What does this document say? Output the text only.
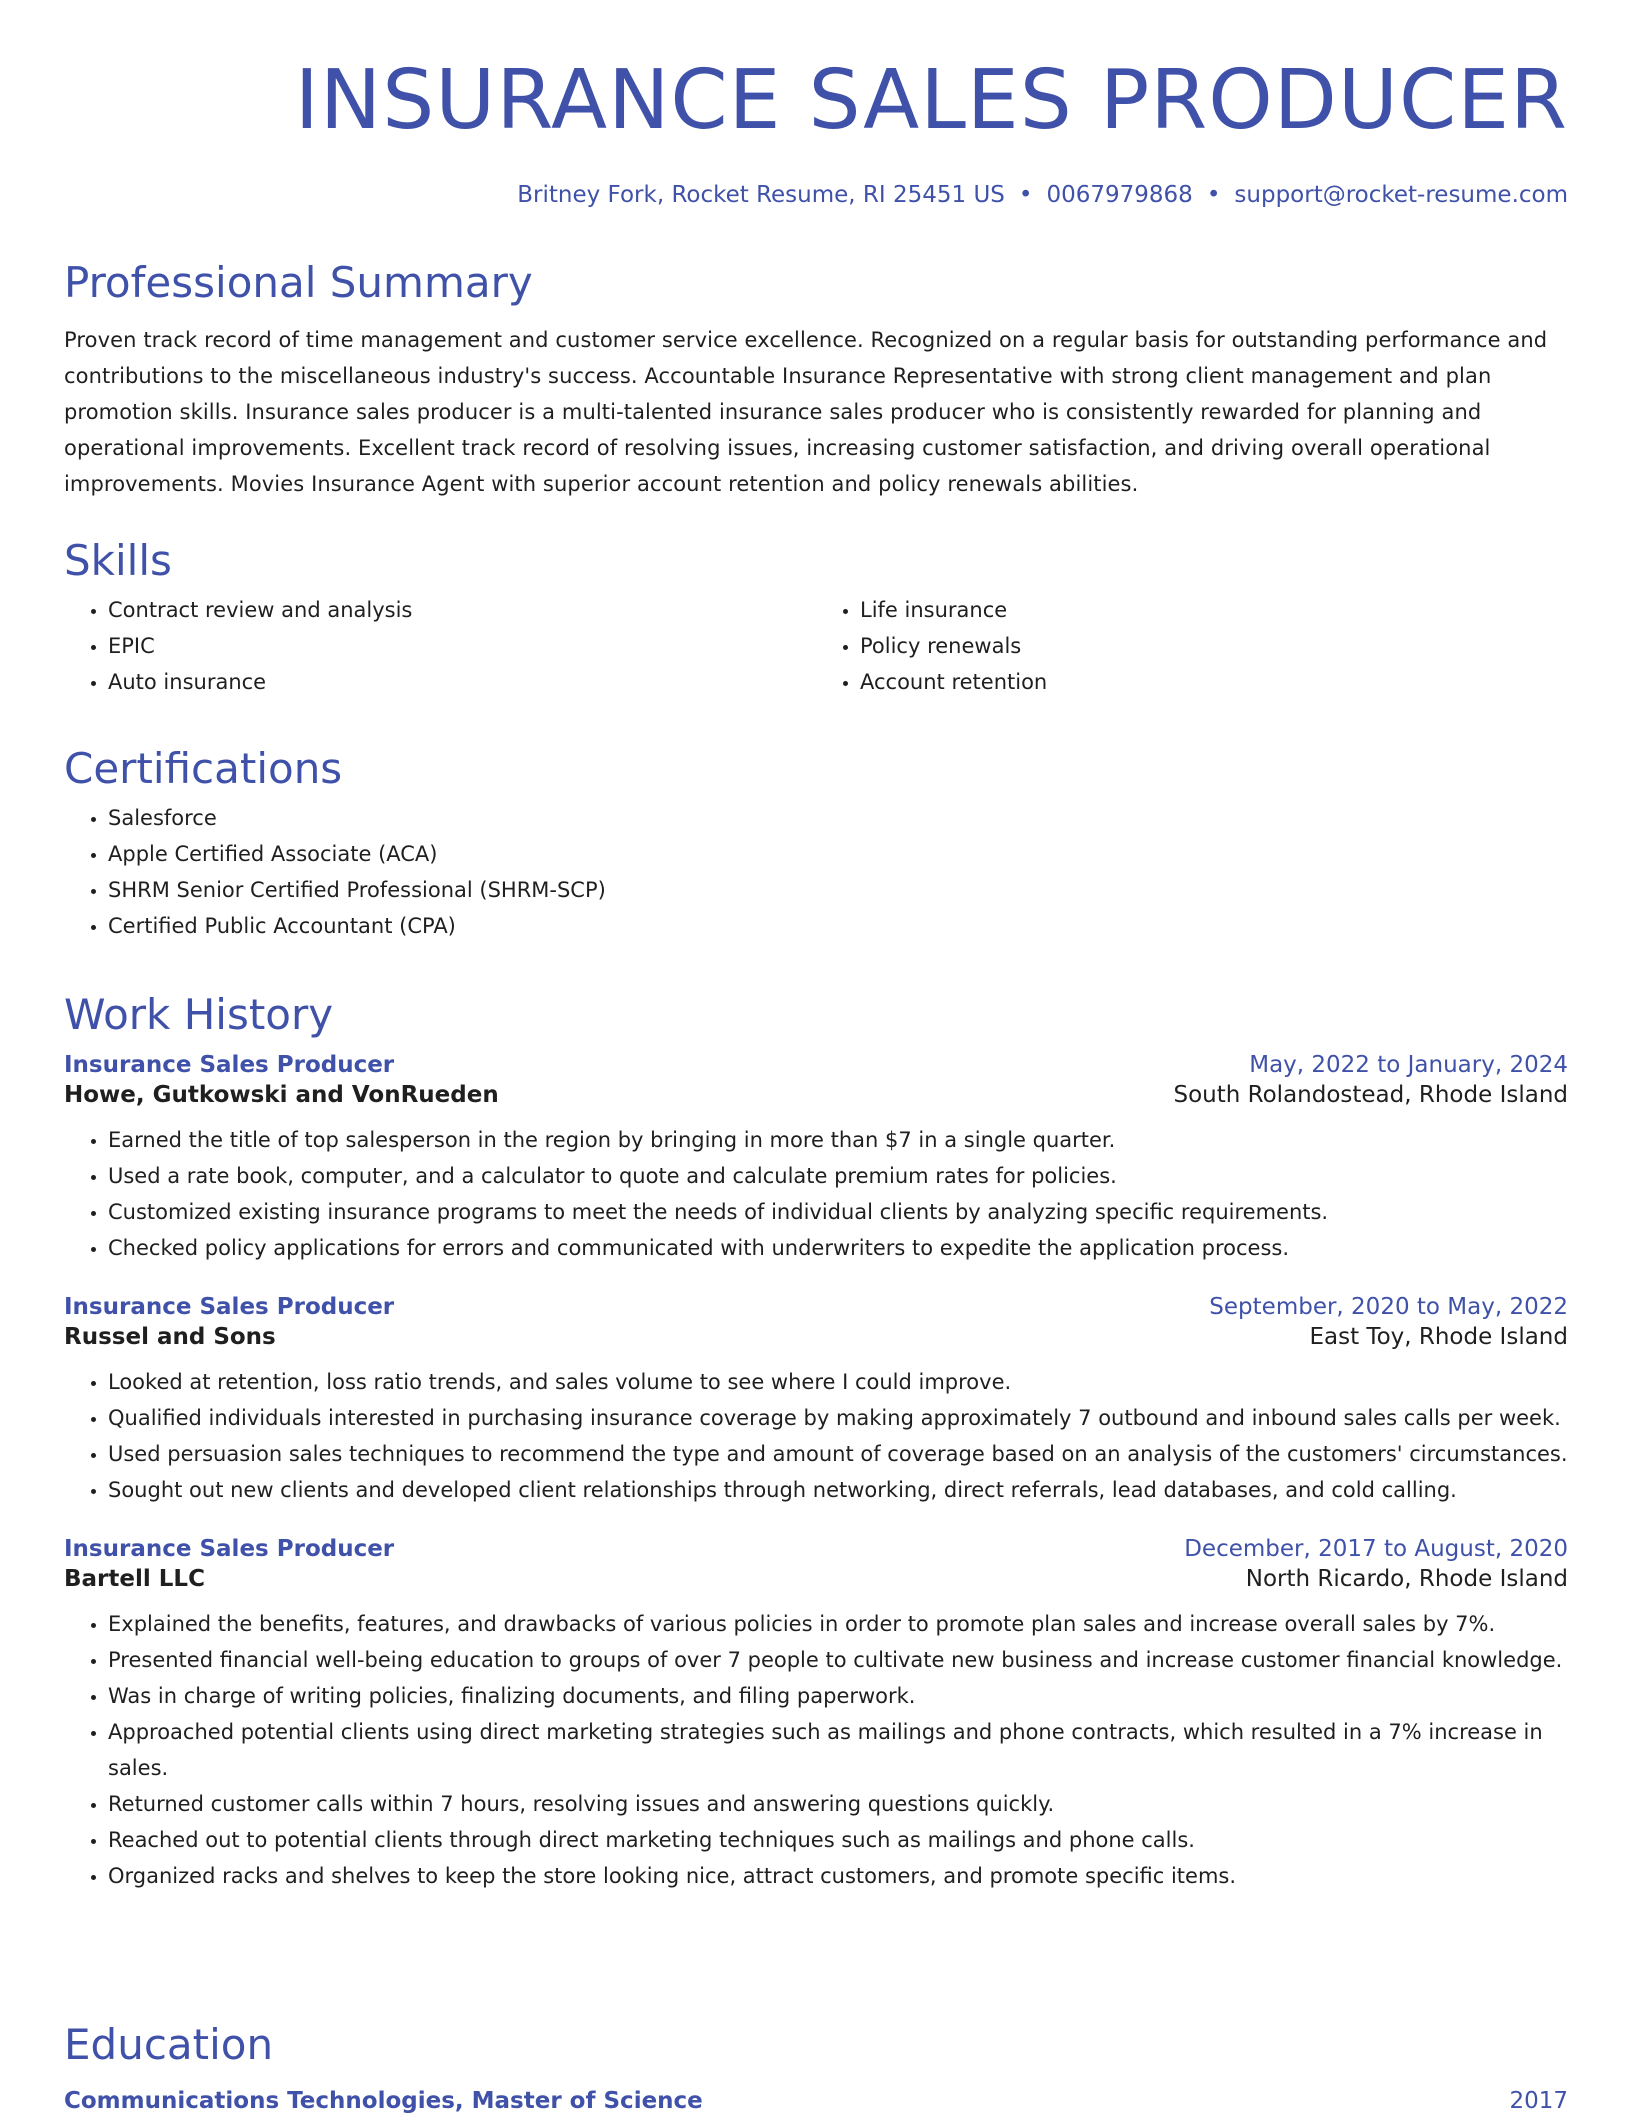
INSURANCE SALES PRODUCER
Britney Fork, Rocket Resume, RI 25451 US • 0067979868 • support@rocket-resume.com
Professional Summary

Proven track record of time management and customer service excellence. Recognized on a regular basis for outstanding performance and contributions to the miscellaneous industry's success. Accountable Insurance Representative with strong client management and plan promotion skills. Insurance sales producer is a multi-talented insurance sales producer who is consistently rewarded for planning and operational improvements. Excellent track record of resolving issues, increasing customer satisfaction, and driving overall operational improvements. Movies Insurance Agent with superior account retention and policy renewals abilities.

Skills
• Contract review and analysis
• EPIC
• Auto insurance
• Life insurance
• Policy renewals
• Account retention
Certifications
• Salesforce
• Apple Certified Associate (ACA)
• SHRM Senior Certified Professional (SHRM-SCP)
• Certified Public Accountant (CPA)
Work History
Insurance Sales Producer	May, 2022 to January, 2024
Howe, Gutkowski and VonRueden	South Rolandostead, Rhode Island
• Earned the title of top salesperson in the region by bringing in more than $7 in a single quarter.
• Used a rate book, computer, and a calculator to quote and calculate premium rates for policies.
• Customized existing insurance programs to meet the needs of individual clients by analyzing specific requirements.
• Checked policy applications for errors and communicated with underwriters to expedite the application process.
Insurance Sales Producer	September, 2020 to May, 2022
Russel and Sons	East Toy, Rhode Island
• Looked at retention, loss ratio trends, and sales volume to see where I could improve.
• Qualified individuals interested in purchasing insurance coverage by making approximately 7 outbound and inbound sales calls per week.
• Used persuasion sales techniques to recommend the type and amount of coverage based on an analysis of the customers' circumstances.
• Sought out new clients and developed client relationships through networking, direct referrals, lead databases, and cold calling.
Insurance Sales Producer	December, 2017 to August, 2020
Bartell LLC	North Ricardo, Rhode Island
• Explained the benefits, features, and drawbacks of various policies in order to promote plan sales and increase overall sales by 7%.
• Presented financial well-being education to groups of over 7 people to cultivate new business and increase customer financial knowledge.
• Was in charge of writing policies, finalizing documents, and filing paperwork.
• Approached potential clients using direct marketing strategies such as mailings and phone contracts, which resulted in a 7% increase in sales.
• Returned customer calls within 7 hours, resolving issues and answering questions quickly.
• Reached out to potential clients through direct marketing techniques such as mailings and phone calls.
• Organized racks and shelves to keep the store looking nice, attract customers, and promote specific items.
Education
Communications Technologies, Master of Science	2017
